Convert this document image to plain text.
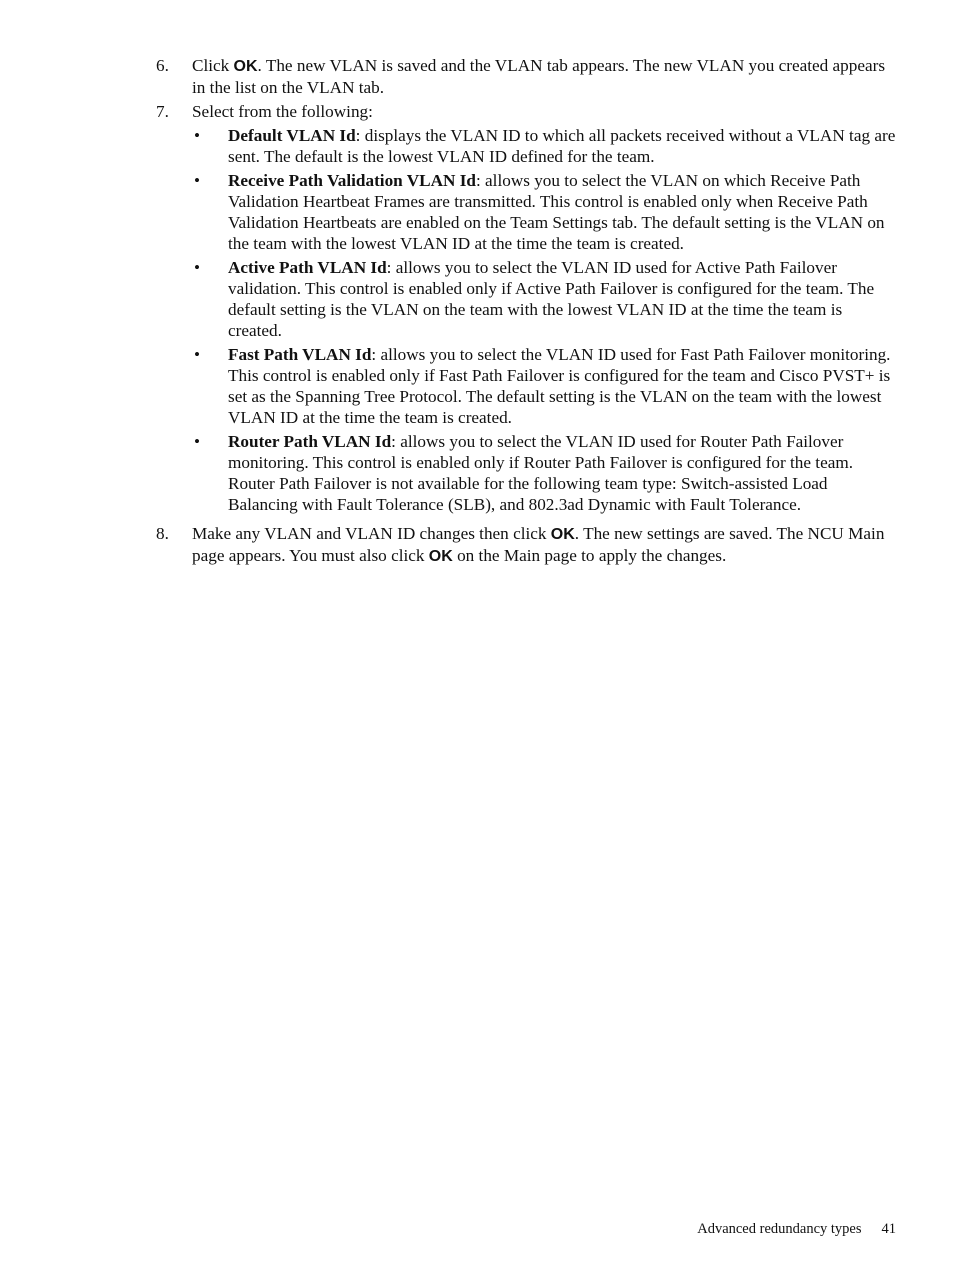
6. Click OK. The new VLAN is saved and the VLAN tab appears. The new VLAN you created appears in the list on the VLAN tab.
7. Select from the following:
• Default VLAN Id: displays the VLAN ID to which all packets received without a VLAN tag are sent. The default is the lowest VLAN ID defined for the team.
• Receive Path Validation VLAN Id: allows you to select the VLAN on which Receive Path Validation Heartbeat Frames are transmitted. This control is enabled only when Receive Path Validation Heartbeats are enabled on the Team Settings tab. The default setting is the VLAN on the team with the lowest VLAN ID at the time the team is created.
• Active Path VLAN Id: allows you to select the VLAN ID used for Active Path Failover validation. This control is enabled only if Active Path Failover is configured for the team. The default setting is the VLAN on the team with the lowest VLAN ID at the time the team is created.
• Fast Path VLAN Id: allows you to select the VLAN ID used for Fast Path Failover monitoring. This control is enabled only if Fast Path Failover is configured for the team and Cisco PVST+ is set as the Spanning Tree Protocol. The default setting is the VLAN on the team with the lowest VLAN ID at the time the team is created.
• Router Path VLAN Id: allows you to select the VLAN ID used for Router Path Failover monitoring. This control is enabled only if Router Path Failover is configured for the team. Router Path Failover is not available for the following team type: Switch-assisted Load Balancing with Fault Tolerance (SLB), and 802.3ad Dynamic with Fault Tolerance.
8. Make any VLAN and VLAN ID changes then click OK. The new settings are saved. The NCU Main page appears. You must also click OK on the Main page to apply the changes.
Advanced redundancy types 41
